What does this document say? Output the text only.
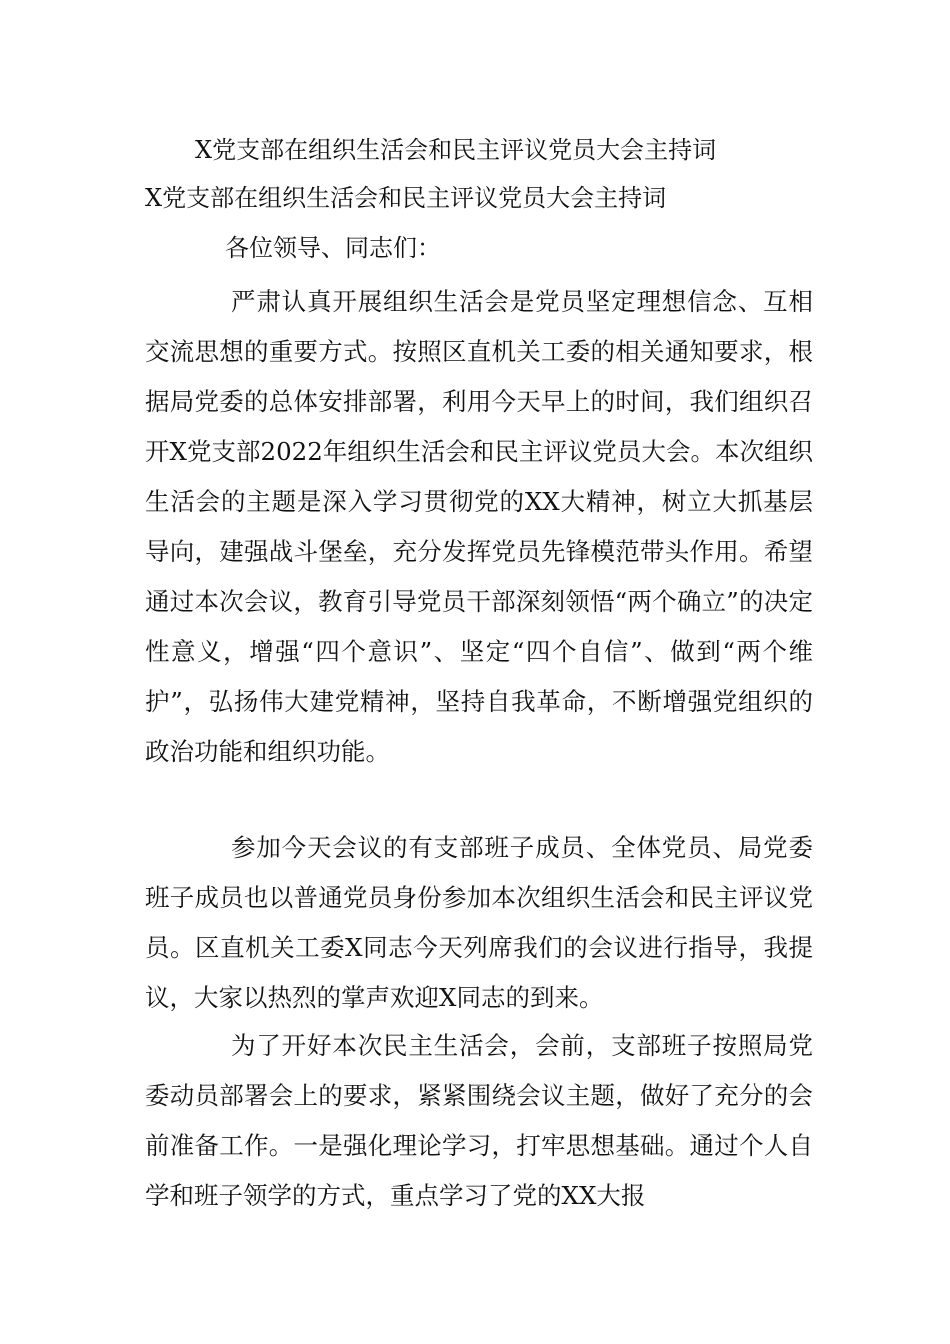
X党支部在组织生活会和民主评议党员大会主持词
X党支部在组织生活会和民主评议党员大会主持词
各位领导、同志们：

严肃认真开展组织生活会是党员坚定理想信念、互相交流思想的重要方式。按照区直机关工委的相关通知要求，根据局党委的总体安排部署，利用今天早上的时间，我们组织召开X党支部2022年组织生活会和民主评议党员大会。本次组织生活会的主题是深入学习贯彻党的XX大精神，树立大抓基层导向，建强战斗堡垒，充分发挥党员先锋模范带头作用。希望通过本次会议，教育引导党员干部深刻领悟“两个确立”的决定性意义，增强“四个意识”、坚定“四个自信”、做到“两个维护”，弘扬伟大建党精神，坚持自我革命，不断增强党组织的政治功能和组织功能。

参加今天会议的有支部班子成员、全体党员、局党委班子成员也以普通党员身份参加本次组织生活会和民主评议党员。区直机关工委X同志今天列席我们的会议进行指导，我提议，大家以热烈的掌声欢迎X同志的到来。

为了开好本次民主生活会，会前，支部班子按照局党委动员部署会上的要求，紧紧围绕会议主题，做好了充分的会前准备工作。一是强化理论学习，打牢思想基础。通过个人自学和班子领学的方式，重点学习了党的XX大报
